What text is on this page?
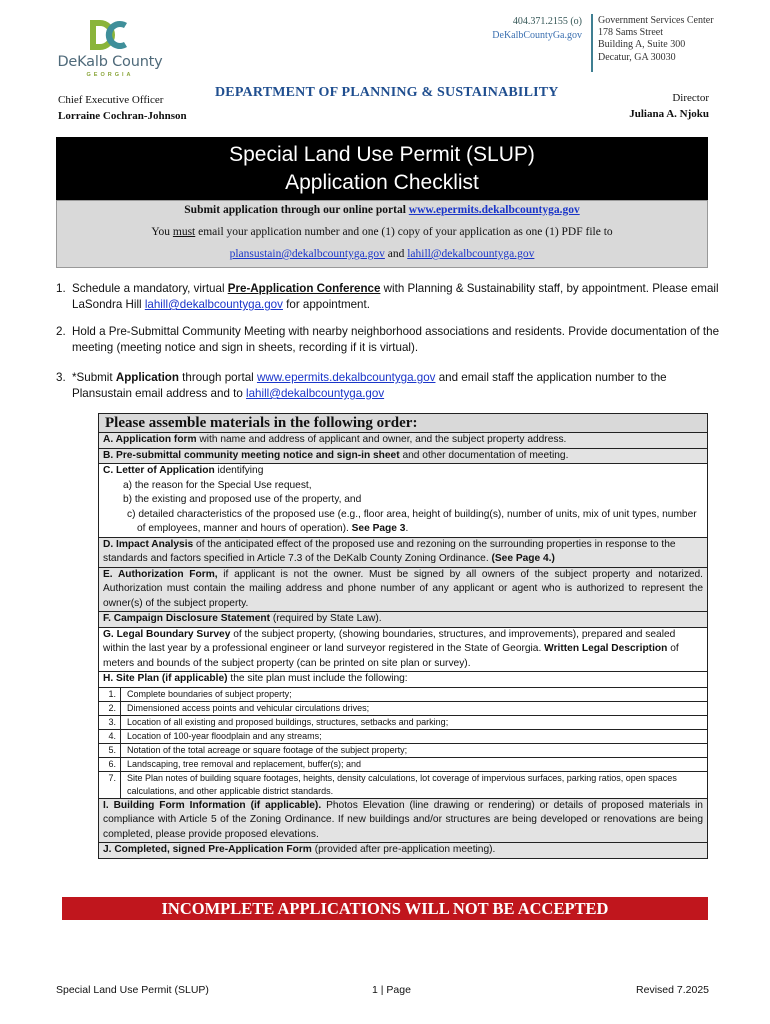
DeKalb County
GEORGIA
404.371.2155 (o)
DeKalbCountyGa.gov
Government Services Center
178 Sams Street
Building A, Suite 300
Decatur, GA 30030
DEPARTMENT OF PLANNING & SUSTAINABILITY
Chief Executive Officer
Lorraine Cochran-Johnson
Director
Juliana A. Njoku
Special Land Use Permit (SLUP)
Application Checklist
Submit application through our online portal www.epermits.dekalbcountyga.gov
You must email your application number and one (1) copy of your application as one (1) PDF file to
plansustain@dekalbcountyga.gov and lahill@dekalbcountyga.gov
1. Schedule a mandatory, virtual Pre-Application Conference with Planning & Sustainability staff, by appointment. Please email LaSondra Hill lahill@dekalbcountyga.gov for appointment.
2. Hold a Pre-Submittal Community Meeting with nearby neighborhood associations and residents. Provide documentation of the meeting (meeting notice and sign in sheets, recording if it is virtual).
3. *Submit Application through portal www.epermits.dekalbcountyga.gov and email staff the application number to the Plansustain email address and to lahill@dekalbcountyga.gov
Please assemble materials in the following order:
A. Application form with name and address of applicant and owner, and the subject property address.
B. Pre-submittal community meeting notice and sign-in sheet and other documentation of meeting.
C. Letter of Application identifying
a) the reason for the Special Use request,
b) the existing and proposed use of the property, and
c) detailed characteristics of the proposed use (e.g., floor area, height of building(s), number of units, mix of unit types, number of employees, manner and hours of operation). See Page 3.
D. Impact Analysis of the anticipated effect of the proposed use and rezoning on the surrounding properties in response to the standards and factors specified in Article 7.3 of the DeKalb County Zoning Ordinance. (See Page 4.)
E. Authorization Form, if applicant is not the owner. Must be signed by all owners of the subject property and notarized. Authorization must contain the mailing address and phone number of any applicant or agent who is authorized to represent the owner(s) of the subject property.
F. Campaign Disclosure Statement (required by State Law).
G. Legal Boundary Survey of the subject property, (showing boundaries, structures, and improvements), prepared and sealed within the last year by a professional engineer or land surveyor registered in the State of Georgia. Written Legal Description of meters and bounds of the subject property (can be printed on site plan or survey).
H. Site Plan (if applicable) the site plan must include the following:
1.	Complete boundaries of subject property;
2.	Dimensioned access points and vehicular circulations drives;
3.	Location of all existing and proposed buildings, structures, setbacks and parking;
4.	Location of 100-year floodplain and any streams;
5.	Notation of the total acreage or square footage of the subject property;
6.	Landscaping, tree removal and replacement, buffer(s); and
7.	Site Plan notes of building square footages, heights, density calculations, lot coverage of impervious surfaces, parking ratios, open spaces calculations, and other applicable district standards.
I. Building Form Information (if applicable). Photos Elevation (line drawing or rendering) or details of proposed materials in compliance with Article 5 of the Zoning Ordinance. If new buildings and/or structures are being developed or renovations are being completed, please provide proposed elevations.
J. Completed, signed Pre-Application Form (provided after pre-application meeting).
INCOMPLETE APPLICATIONS WILL NOT BE ACCEPTED
Special Land Use Permit (SLUP)	1 | Page	Revised 7.2025
